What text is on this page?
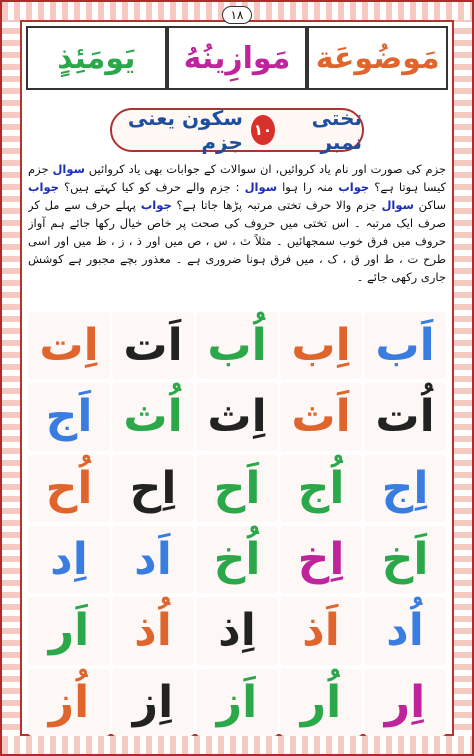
١٨
مَوضُوعَة
مَوازِينُهُ
يَومَئِذٍ
تختی نمبر
١٠
سکون یعنی جزم
جزم کی صورت اور نام یاد کروائیں، ان سوالات کے جوابات بھی یاد کروائیں سوال جزم کیسا ہوتا ہے؟ جواب منہ را ہوا سوال : جزم والے حرف کو کیا کہتے ہیں؟ جواب ساکن سوال جزم والا حرف تختی مرتبہ پڑھا جاتا ہے؟ جواب پہلے حرف سے مل کر صرف ایک مرتبہ ۔ اس تختی میں حروف کی صحت پر خاص خیال رکھا جائے ہم آواز حروف میں فرق خوب سمجھائیں ۔ مثلاً ث ، س ، ص میں اور ذ ، ز ، ظ میں اور اسی طرح ت ، ط اور ق ، ک ، میں فرق ہونا ضروری ہے ۔ معذور بچے مجبور ہے کوشش جاری رکھی جائے ۔
اَب
اِب
اُب
اَت
اِت
اُت
اَث
اِث
اُث
اَج
اِج
اُج
اَح
اِح
اُح
اَخ
اِخ
اُخ
اَد
اِد
اُد
اَذ
اِذ
اُذ
اَر
اِر
اُر
اَز
اِز
اُز
